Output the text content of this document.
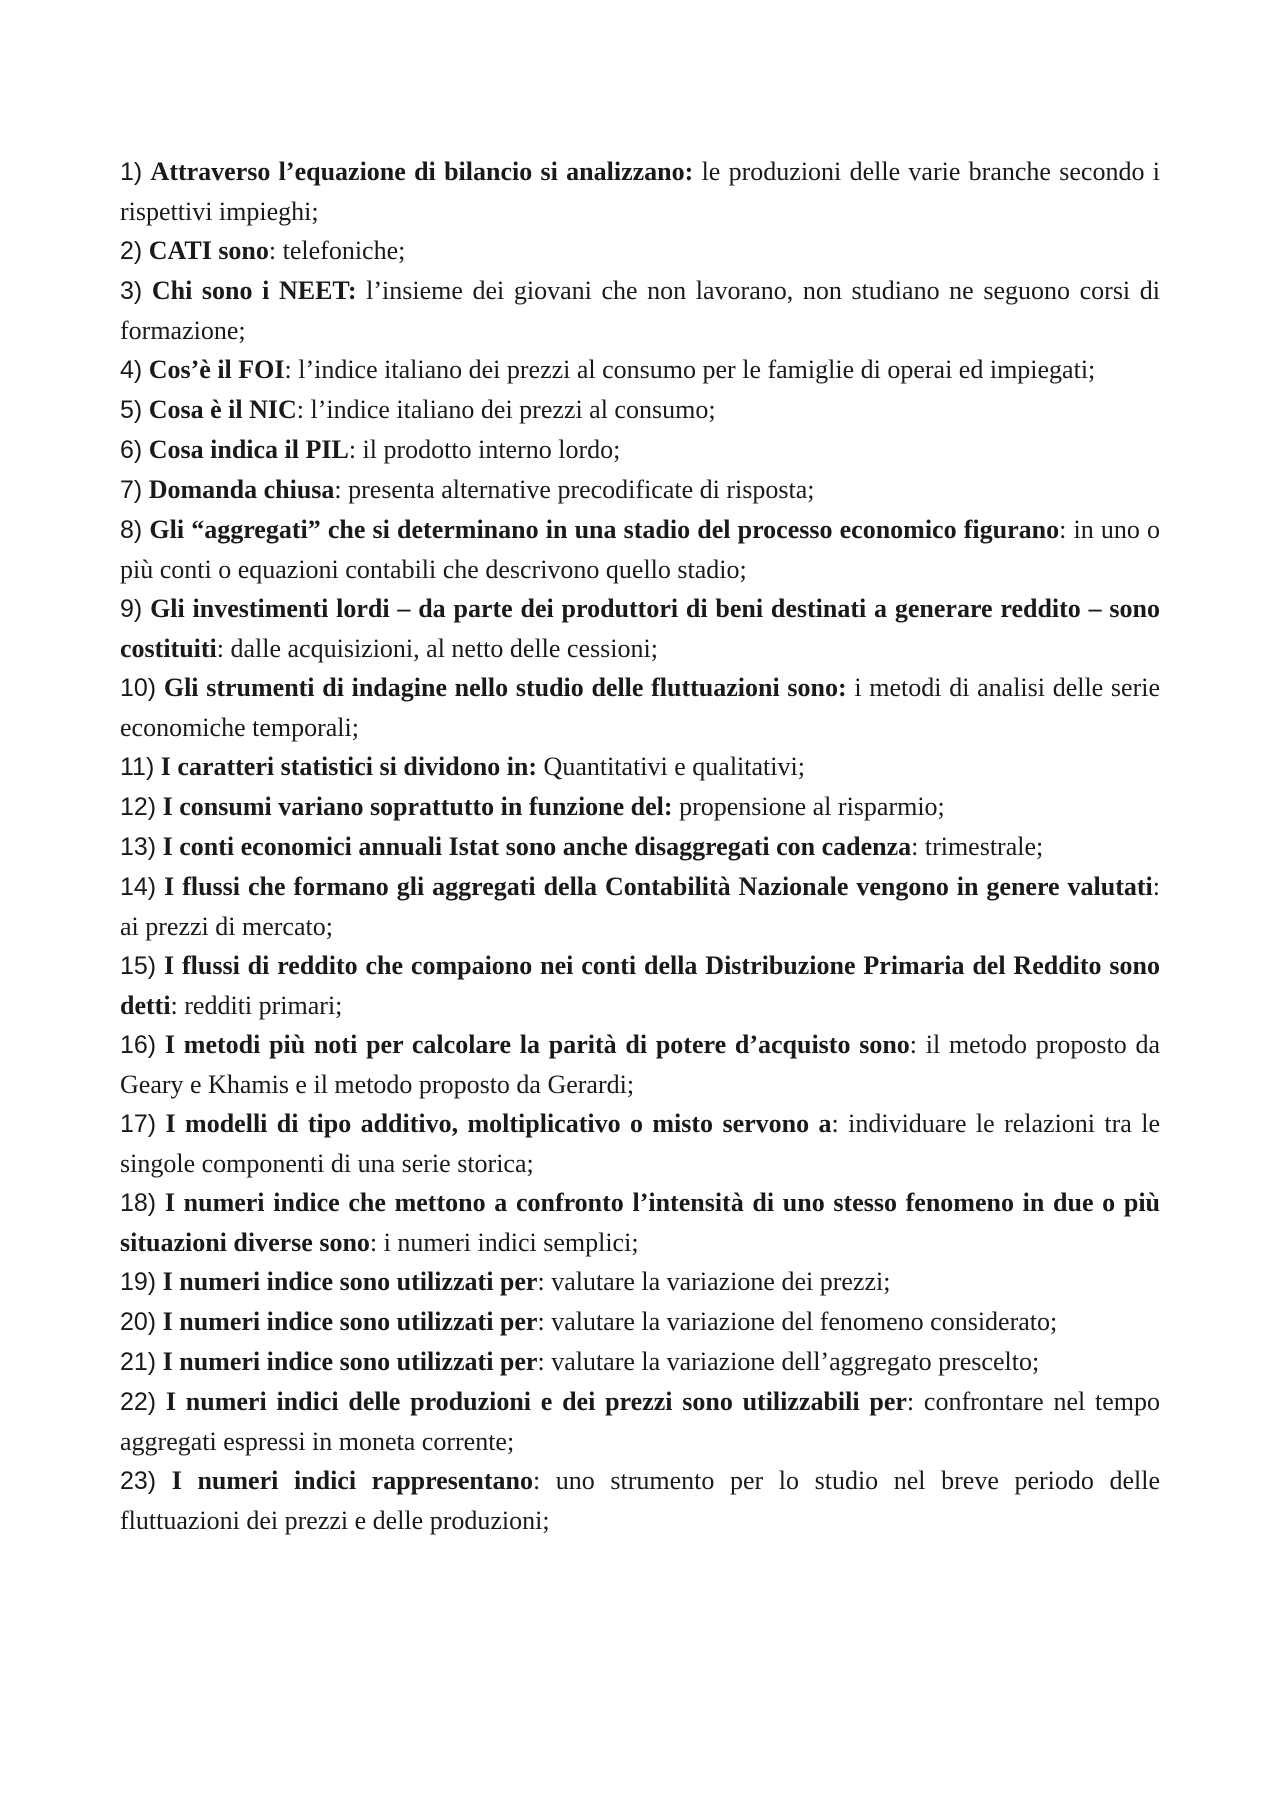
1) Attraverso l’equazione di bilancio si analizzano: le produzioni delle varie branche secondo i rispettivi impieghi;

2) CATI sono: telefoniche;

3) Chi sono i NEET: l’insieme dei giovani che non lavorano, non studiano ne seguono corsi di formazione;

4) Cos’è il FOI: l’indice italiano dei prezzi al consumo per le famiglie di operai ed impiegati;

5) Cosa è il NIC: l’indice italiano dei prezzi al consumo;

6) Cosa indica il PIL: il prodotto interno lordo;

7) Domanda chiusa: presenta alternative precodificate di risposta;

8) Gli “aggregati” che si determinano in una stadio del processo economico figurano: in uno o più conti o equazioni contabili che descrivono quello stadio;

9) Gli investimenti lordi – da parte dei produttori di beni destinati a generare reddito – sono costituiti: dalle acquisizioni, al netto delle cessioni;

10) Gli strumenti di indagine nello studio delle fluttuazioni sono: i metodi di analisi delle serie economiche temporali;

11) I caratteri statistici si dividono in: Quantitativi e qualitativi;

12) I consumi variano soprattutto in funzione del: propensione al risparmio;

13) I conti economici annuali Istat sono anche disaggregati con cadenza: trimestrale;

14) I flussi che formano gli aggregati della Contabilità Nazionale vengono in genere valutati: ai prezzi di mercato;

15) I flussi di reddito che compaiono nei conti della Distribuzione Primaria del Reddito sono detti: redditi primari;

16) I metodi più noti per calcolare la parità di potere d’acquisto sono: il metodo proposto da Geary e Khamis e il metodo proposto da Gerardi;

17) I modelli di tipo additivo, moltiplicativo o misto servono a: individuare le relazioni tra le singole componenti di una serie storica;

18) I numeri indice che mettono a confronto l’intensità di uno stesso fenomeno in due o più situazioni diverse sono: i numeri indici semplici;

19) I numeri indice sono utilizzati per: valutare la variazione dei prezzi;

20) I numeri indice sono utilizzati per: valutare la variazione del fenomeno considerato;

21) I numeri indice sono utilizzati per: valutare la variazione dell’aggregato prescelto;

22) I numeri indici delle produzioni e dei prezzi sono utilizzabili per: confrontare nel tempo aggregati espressi in moneta corrente;

23) I numeri indici rappresentano: uno strumento per lo studio nel breve periodo delle fluttuazioni dei prezzi e delle produzioni;
